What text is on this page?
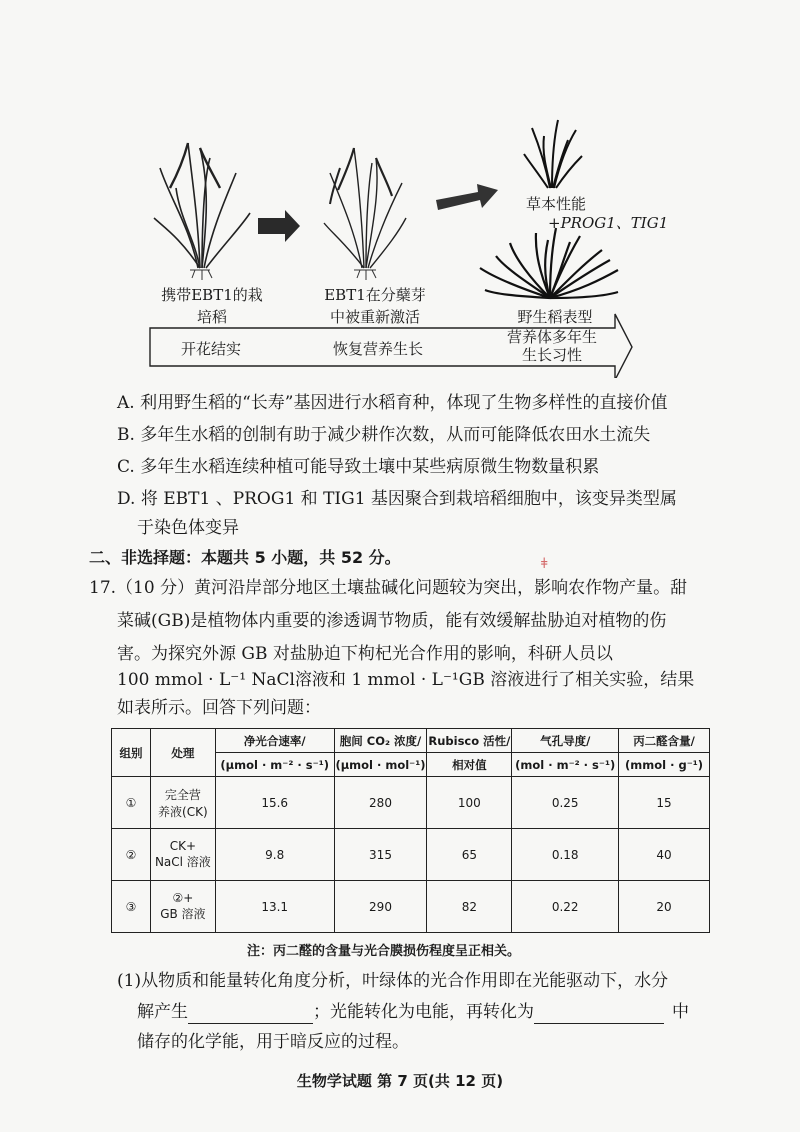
携带EBT1的栽
培稻
EBT1在分蘖芽
中被重新激活
草本性能
+PROG1、TIG1
野生稻表型
开花结实	恢复营养生长
营养体多年生
生长习性
A. 利用野生稻的“长寿”基因进行水稻育种，体现了生物多样性的直接价值
B. 多年生水稻的创制有助于减少耕作次数，从而可能降低农田水土流失
C. 多年生水稻连续种植可能导致土壤中某些病原微生物数量积累
D. 将 EBT1 、PROG1 和 TIG1 基因聚合到栽培稻细胞中，该变异类型属
于染色体变异
二、非选择题：本题共 5 小题，共 52 分。	ǂ
17.（10 分）黄河沿岸部分地区土壤盐碱化问题较为突出，影响农作物产量。甜
菜碱(GB)是植物体内重要的渗透调节物质，能有效缓解盐胁迫对植物的伤
害。为探究外源 GB 对盐胁迫下枸杞光合作用的影响，科研人员以
100 mmol · L⁻¹ NaCl溶液和 1 mmol · L⁻¹GB 溶液进行了相关实验，结果
如表所示。回答下列问题：
组别	处理	净光合速率/	胞间 CO₂ 浓度/	Rubisco 活性/	气孔导度/	丙二醛含量/
		(μmol · m⁻² · s⁻¹)	(μmol · mol⁻¹)	相对值	(mol · m⁻² · s⁻¹)	(mmol · g⁻¹)
①	完全营
养液(CK)	15.6	280	100	0.25	15
②	CK+
NaCl 溶液	9.8	315	65	0.18	40
③	②+
GB 溶液	13.1	290	82	0.22	20
注：丙二醛的含量与光合膜损伤程度呈正相关。
(1)从物质和能量转化角度分析，叶绿体的光合作用即在光能驱动下，水分
解产生	；光能转化为电能，再转化为	中
储存的化学能，用于暗反应的过程。
生物学试题 第 7 页(共 12 页)
